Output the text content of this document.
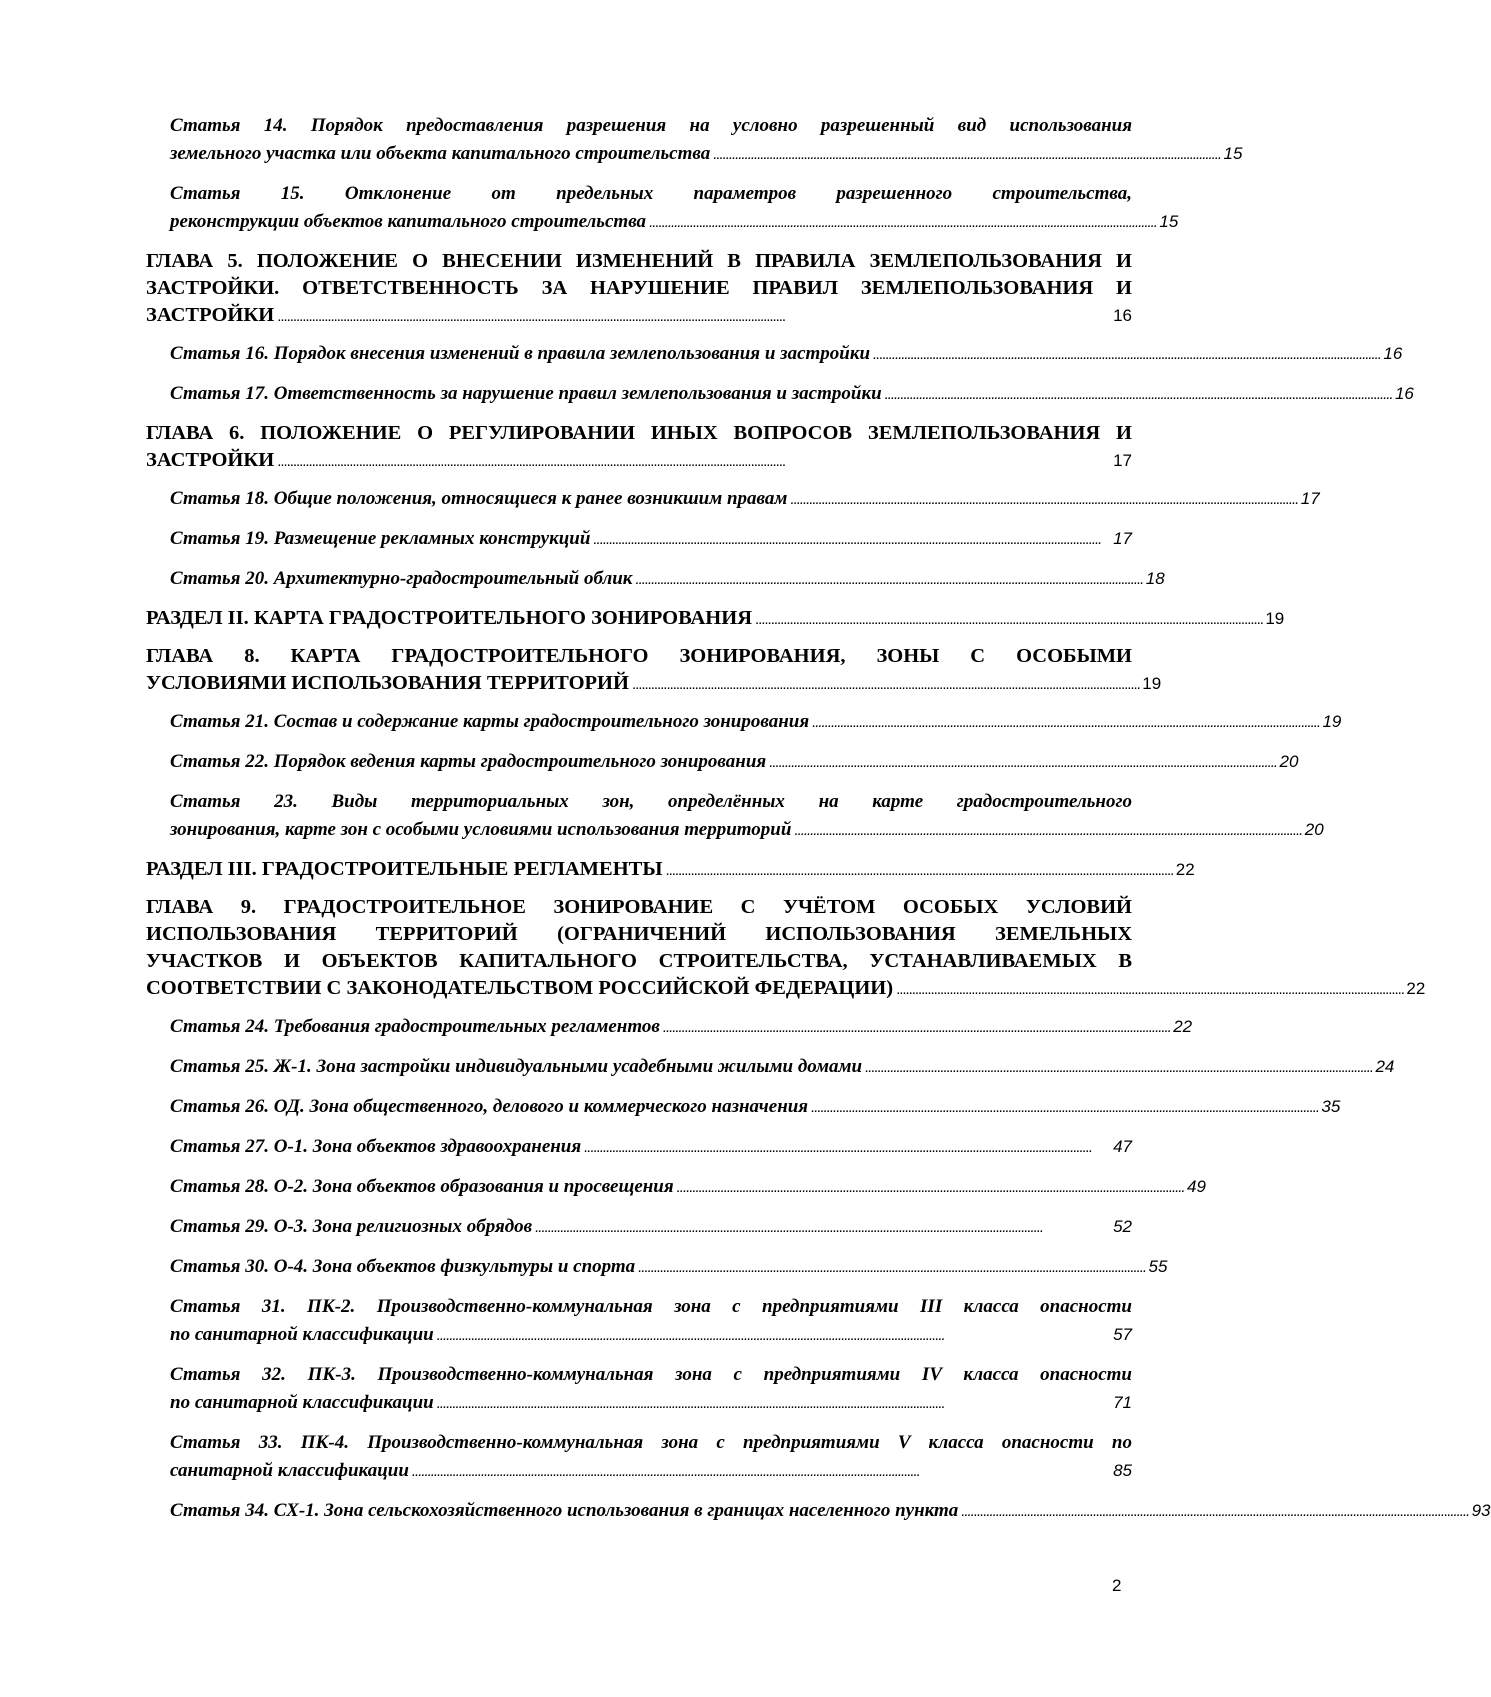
Статья 14. Порядок предоставления разрешения на условно разрешенный вид использования
земельного участка или объекта капитального строительства . . .	15
Статья 15. Отклонение от предельных параметров разрешенного строительства,
реконструкции объектов капитального строительства . . .	15
ГЛАВА 5. ПОЛОЖЕНИЕ О ВНЕСЕНИИ ИЗМЕНЕНИЙ В ПРАВИЛА ЗЕМЛЕПОЛЬЗОВАНИЯ И
ЗАСТРОЙКИ. ОТВЕТСТВЕННОСТЬ ЗА НАРУШЕНИЕ ПРАВИЛ ЗЕМЛЕПОЛЬЗОВАНИЯ И
ЗАСТРОЙКИ . . .	16
Статья 16. Порядок внесения изменений в правила землепользования и застройки . . .	16
Статья 17. Ответственность за нарушение правил землепользования и застройки . . .	16
ГЛАВА 6. ПОЛОЖЕНИЕ О РЕГУЛИРОВАНИИ ИНЫХ ВОПРОСОВ ЗЕМЛЕПОЛЬЗОВАНИЯ И
ЗАСТРОЙКИ . . .	17
Статья 18. Общие положения, относящиеся к ранее возникшим правам . . .	17
Статья 19. Размещение рекламных конструкций . . .	17
Статья 20. Архитектурно-градостроительный облик . . .	18
РАЗДЕЛ II. КАРТА ГРАДОСТРОИТЕЛЬНОГО ЗОНИРОВАНИЯ . . .	19
ГЛАВА 8. КАРТА ГРАДОСТРОИТЕЛЬНОГО ЗОНИРОВАНИЯ, ЗОНЫ С ОСОБЫМИ
УСЛОВИЯМИ ИСПОЛЬЗОВАНИЯ ТЕРРИТОРИЙ . . .	19
Статья 21. Состав и содержание карты градостроительного зонирования . . .	19
Статья 22. Порядок ведения карты градостроительного зонирования . . .	20
Статья 23. Виды территориальных зон, определённых на карте градостроительного
зонирования, карте зон с особыми условиями использования территорий . . .	20
РАЗДЕЛ III. ГРАДОСТРОИТЕЛЬНЫЕ РЕГЛАМЕНТЫ . . .	22
ГЛАВА 9. ГРАДОСТРОИТЕЛЬНОЕ ЗОНИРОВАНИЕ С УЧЁТОМ ОСОБЫХ УСЛОВИЙ
ИСПОЛЬЗОВАНИЯ ТЕРРИТОРИЙ (ОГРАНИЧЕНИЙ ИСПОЛЬЗОВАНИЯ ЗЕМЕЛЬНЫХ
УЧАСТКОВ И ОБЪЕКТОВ КАПИТАЛЬНОГО СТРОИТЕЛЬСТВА, УСТАНАВЛИВАЕМЫХ В
СООТВЕТСТВИИ С ЗАКОНОДАТЕЛЬСТВОМ РОССИЙСКОЙ ФЕДЕРАЦИИ) . . .	22
Статья 24. Требования градостроительных регламентов . . .	22
Статья 25. Ж-1. Зона застройки индивидуальными усадебными жилыми домами . . .	24
Статья 26. ОД. Зона общественного, делового и коммерческого назначения . . .	35
Статья 27. О-1. Зона объектов здравоохранения . . .	47
Статья 28. О-2. Зона объектов образования и просвещения . . .	49
Статья 29. О-3. Зона религиозных обрядов . . .	52
Статья 30. О-4. Зона объектов физкультуры и спорта . . .	55
Статья 31. ПК-2. Производственно-коммунальная зона с предприятиями III класса опасности
по санитарной классификации . . .	57
Статья 32. ПК-3. Производственно-коммунальная зона с предприятиями IV класса опасности
по санитарной классификации . . .	71
Статья 33. ПК-4. Производственно-коммунальная зона с предприятиями V класса опасности по
санитарной классификации . . .	85
Статья 34. СХ-1. Зона сельскохозяйственного использования в границах населенного пункта . . .	93
2
